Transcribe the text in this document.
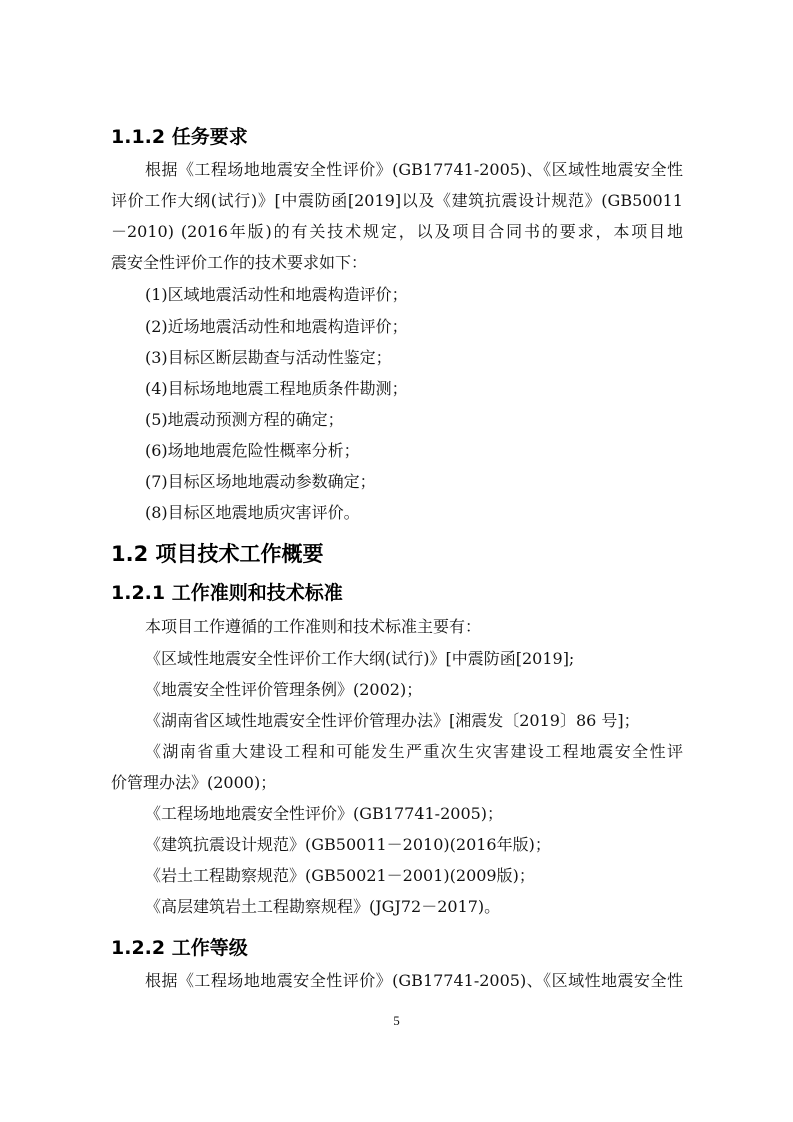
1.1.2 任务要求
根据《工程场地地震安全性评价》(GB17741-2005)、《区域性地震安全性
评价工作大纲(试行)》[中震防函[2019]以及《建筑抗震设计规范》(GB50011
－2010) (2016年版)的有关技术规定，以及项目合同书的要求，本项目地
震安全性评价工作的技术要求如下：
(1)区域地震活动性和地震构造评价；
(2)近场地震活动性和地震构造评价；
(3)目标区断层勘查与活动性鉴定；
(4)目标场地地震工程地质条件勘测；
(5)地震动预测方程的确定；
(6)场地地震危险性概率分析；
(7)目标区场地地震动参数确定；
(8)目标区地震地质灾害评价。
1.2 项目技术工作概要
1.2.1 工作准则和技术标准
本项目工作遵循的工作准则和技术标准主要有：
《区域性地震安全性评价工作大纲(试行)》[中震防函[2019];
《地震安全性评价管理条例》(2002)；
《湖南省区域性地震安全性评价管理办法》[湘震发〔2019〕86 号]；
《湖南省重大建设工程和可能发生严重次生灾害建设工程地震安全性评
价管理办法》(2000)；
《工程场地地震安全性评价》(GB17741-2005)；
《建筑抗震设计规范》(GB50011－2010)(2016年版)；
《岩土工程勘察规范》(GB50021－2001)(2009版)；
《高层建筑岩土工程勘察规程》(JGJ72－2017)。
1.2.2 工作等级
根据《工程场地地震安全性评价》(GB17741-2005)、《区域性地震安全性
5
